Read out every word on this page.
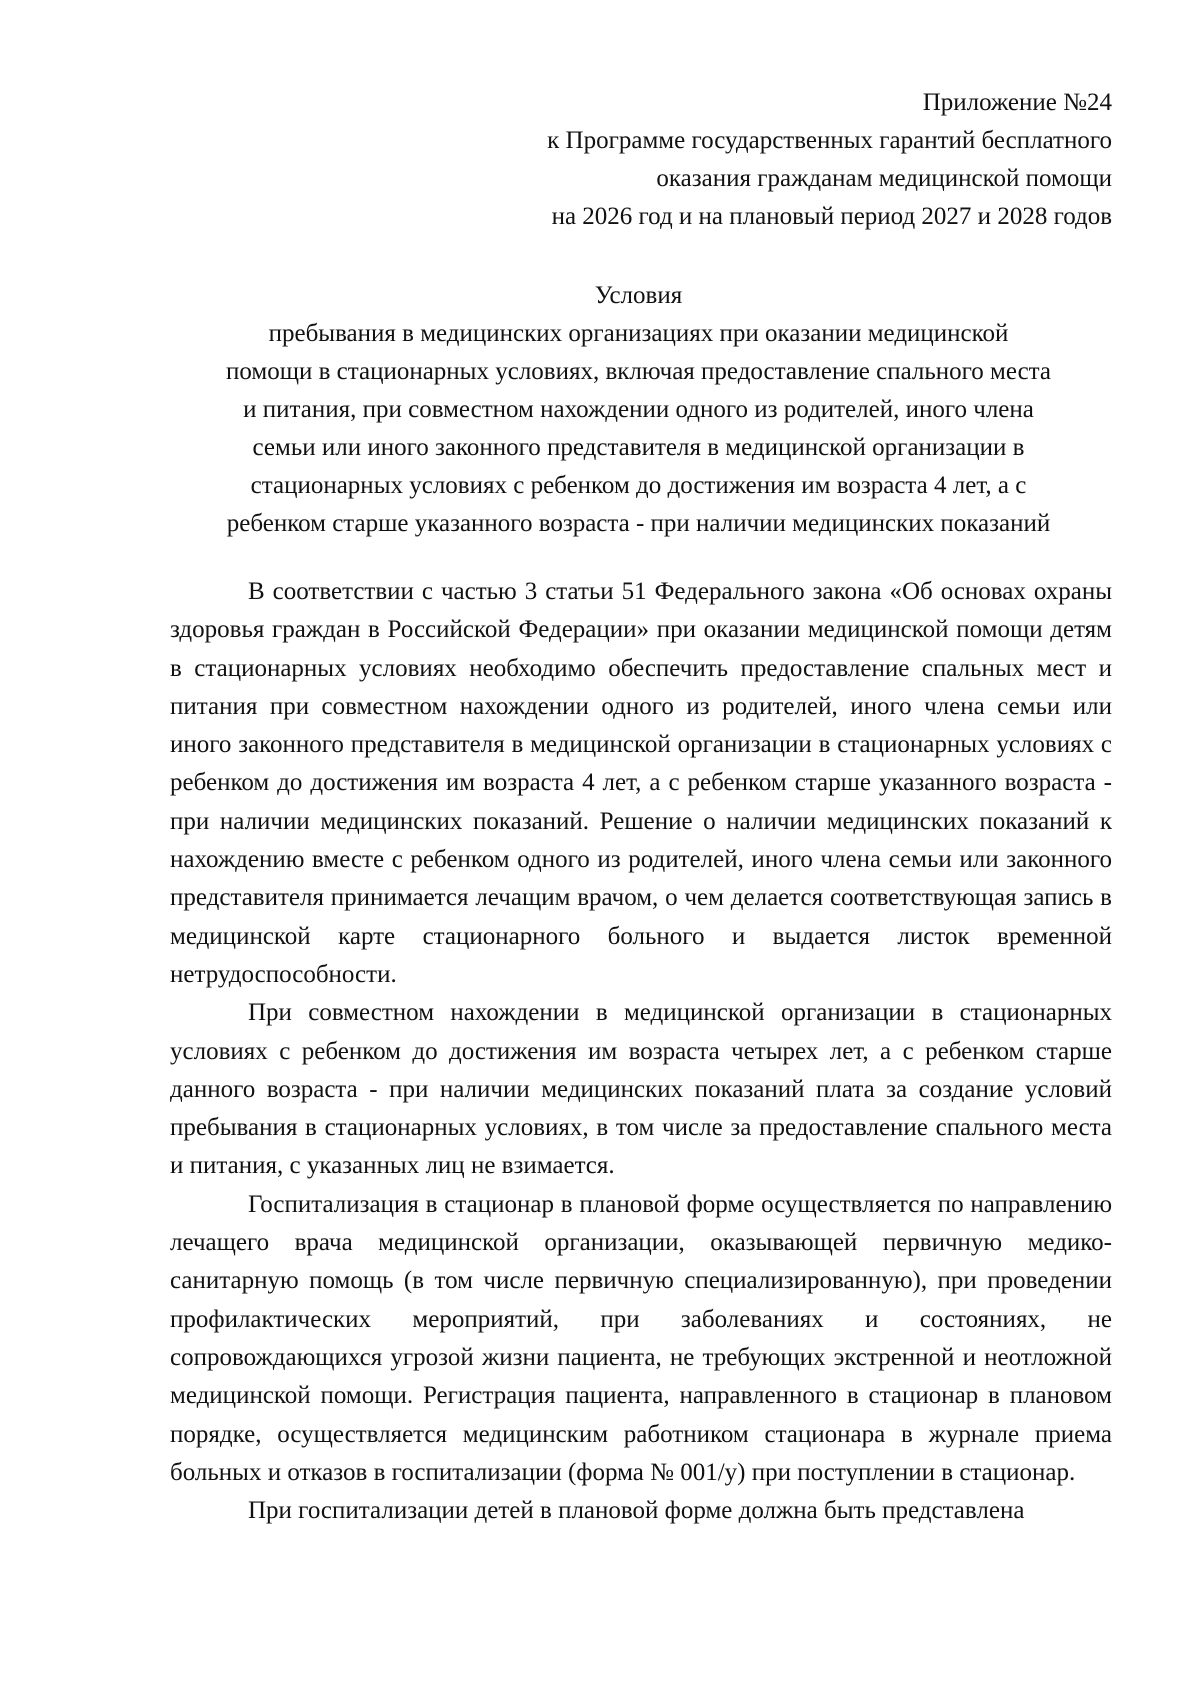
Приложение №24
к Программе государственных гарантий бесплатного
оказания гражданам медицинской помощи
на 2026 год и на плановый период 2027 и 2028 годов
Условия
пребывания в медицинских организациях при оказании медицинской
помощи в стационарных условиях, включая предоставление спального места
и питания, при совместном нахождении одного из родителей, иного члена
семьи или иного законного представителя в медицинской организации в
стационарных условиях с ребенком до достижения им возраста 4 лет, а с
ребенком старше указанного возраста - при наличии медицинских показаний

В соответствии с частью 3 статьи 51 Федерального закона «Об основах охраны здоровья граждан в Российской Федерации» при оказании медицинской помощи детям в стационарных условиях необходимо обеспечить предоставление спальных мест и питания при совместном нахождении одного из родителей, иного члена семьи или иного законного представителя в медицинской организации в стационарных условиях с ребенком до достижения им возраста 4 лет, а с ребенком старше указанного возраста - при наличии медицинских показаний. Решение о наличии медицинских показаний к нахождению вместе с ребенком одного из родителей, иного члена семьи или законного представителя принимается лечащим врачом, о чем делается соответствующая запись в медицинской карте стационарного больного и выдается листок временной нетрудоспособности.

При совместном нахождении в медицинской организации в стационарных условиях с ребенком до достижения им возраста четырех лет, а с ребенком старше данного возраста - при наличии медицинских показаний плата за создание условий пребывания в стационарных условиях, в том числе за предоставление спального места и питания, с указанных лиц не взимается.

Госпитализация в стационар в плановой форме осуществляется по направлению лечащего врача медицинской организации, оказывающей первичную медико-санитарную помощь (в том числе первичную специализированную), при проведении профилактических мероприятий, при заболеваниях и состояниях, не сопровождающихся угрозой жизни пациента, не требующих экстренной и неотложной медицинской помощи. Регистрация пациента, направленного в стационар в плановом порядке, осуществляется медицинским работником стационара в журнале приема больных и отказов в госпитализации (форма № 001/у) при поступлении в стационар.

При госпитализации детей в плановой форме должна быть представлена
